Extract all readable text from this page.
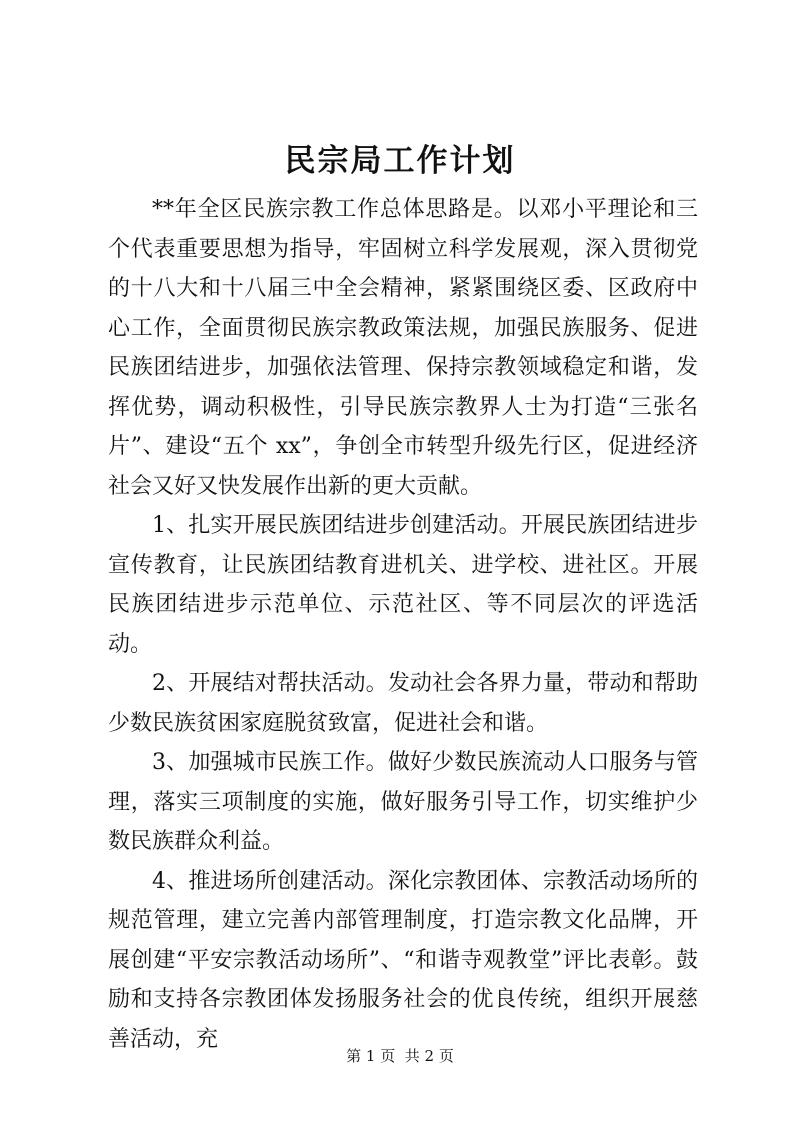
民宗局工作计划

**年全区民族宗教工作总体思路是。以邓小平理论和三个代表重要思想为指导，牢固树立科学发展观，深入贯彻党的十八大和十八届三中全会精神，紧紧围绕区委、区政府中心工作，全面贯彻民族宗教政策法规，加强民族服务、促进民族团结进步，加强依法管理、保持宗教领域稳定和谐，发挥优势，调动积极性，引导民族宗教界人士为打造“三张名片”、建设“五个 xx”，争创全市转型升级先行区，促进经济社会又好又快发展作出新的更大贡献。

1、扎实开展民族团结进步创建活动。开展民族团结进步宣传教育，让民族团结教育进机关、进学校、进社区。开展民族团结进步示范单位、示范社区、等不同层次的评选活动。

2、开展结对帮扶活动。发动社会各界力量，带动和帮助少数民族贫困家庭脱贫致富，促进社会和谐。

3、加强城市民族工作。做好少数民族流动人口服务与管理，落实三项制度的实施，做好服务引导工作，切实维护少数民族群众利益。

4、推进场所创建活动。深化宗教团体、宗教活动场所的规范管理，建立完善内部管理制度，打造宗教文化品牌，开展创建“平安宗教活动场所”、“和谐寺观教堂”评比表彰。鼓励和支持各宗教团体发扬服务社会的优良传统，组织开展慈善活动，充

第 1 页  共 2 页
